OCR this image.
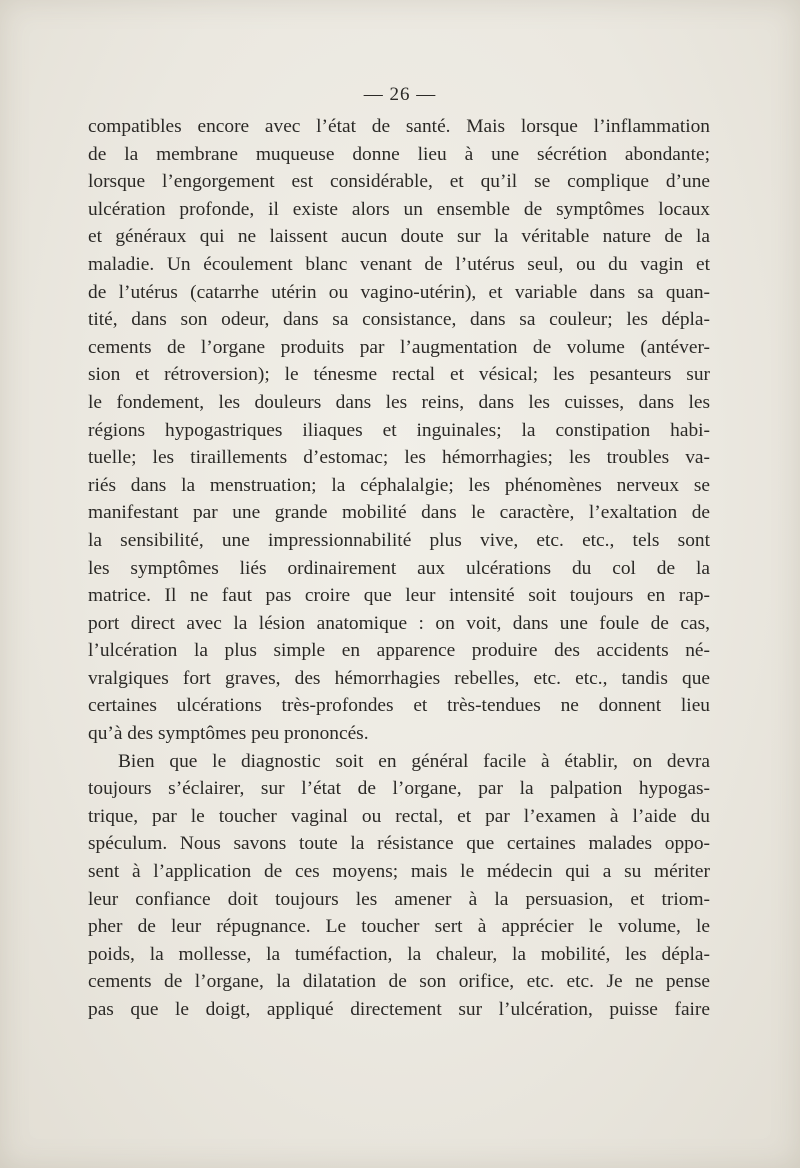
— 26 —
compatibles encore avec l’état de santé. Mais lorsque l’inflammation
de la membrane muqueuse donne lieu à une sécrétion abondante;
lorsque l’engorgement est considérable, et qu’il se complique d’une
ulcération profonde, il existe alors un ensemble de symptômes locaux
et généraux qui ne laissent aucun doute sur la véritable nature de la
maladie. Un écoulement blanc venant de l’utérus seul, ou du vagin et
de l’utérus (catarrhe utérin ou vagino-utérin), et variable dans sa quan-
tité, dans son odeur, dans sa consistance, dans sa couleur; les dépla-
cements de l’organe produits par l’augmentation de volume (antéver-
sion et rétroversion); le ténesme rectal et vésical; les pesanteurs sur
le fondement, les douleurs dans les reins, dans les cuisses, dans les
régions hypogastriques iliaques et inguinales; la constipation habi-
tuelle; les tiraillements d’estomac; les hémorrhagies; les troubles va-
riés dans la menstruation; la céphalalgie; les phénomènes nerveux se
manifestant par une grande mobilité dans le caractère, l’exaltation de
la sensibilité, une impressionnabilité plus vive, etc. etc., tels sont
les symptômes liés ordinairement aux ulcérations du col de la
matrice. Il ne faut pas croire que leur intensité soit toujours en rap-
port direct avec la lésion anatomique : on voit, dans une foule de cas,
l’ulcération la plus simple en apparence produire des accidents né-
vralgiques fort graves, des hémorrhagies rebelles, etc. etc., tandis que
certaines ulcérations très-profondes et très-tendues ne donnent lieu
qu’à des symptômes peu prononcés.
Bien que le diagnostic soit en général facile à établir, on devra
toujours s’éclairer, sur l’état de l’organe, par la palpation hypogas-
trique, par le toucher vaginal ou rectal, et par l’examen à l’aide du
spéculum. Nous savons toute la résistance que certaines malades oppo-
sent à l’application de ces moyens; mais le médecin qui a su mériter
leur confiance doit toujours les amener à la persuasion, et triom-
pher de leur répugnance. Le toucher sert à apprécier le volume, le
poids, la mollesse, la tuméfaction, la chaleur, la mobilité, les dépla-
cements de l’organe, la dilatation de son orifice, etc. etc. Je ne pense
pas que le doigt, appliqué directement sur l’ulcération, puisse faire
